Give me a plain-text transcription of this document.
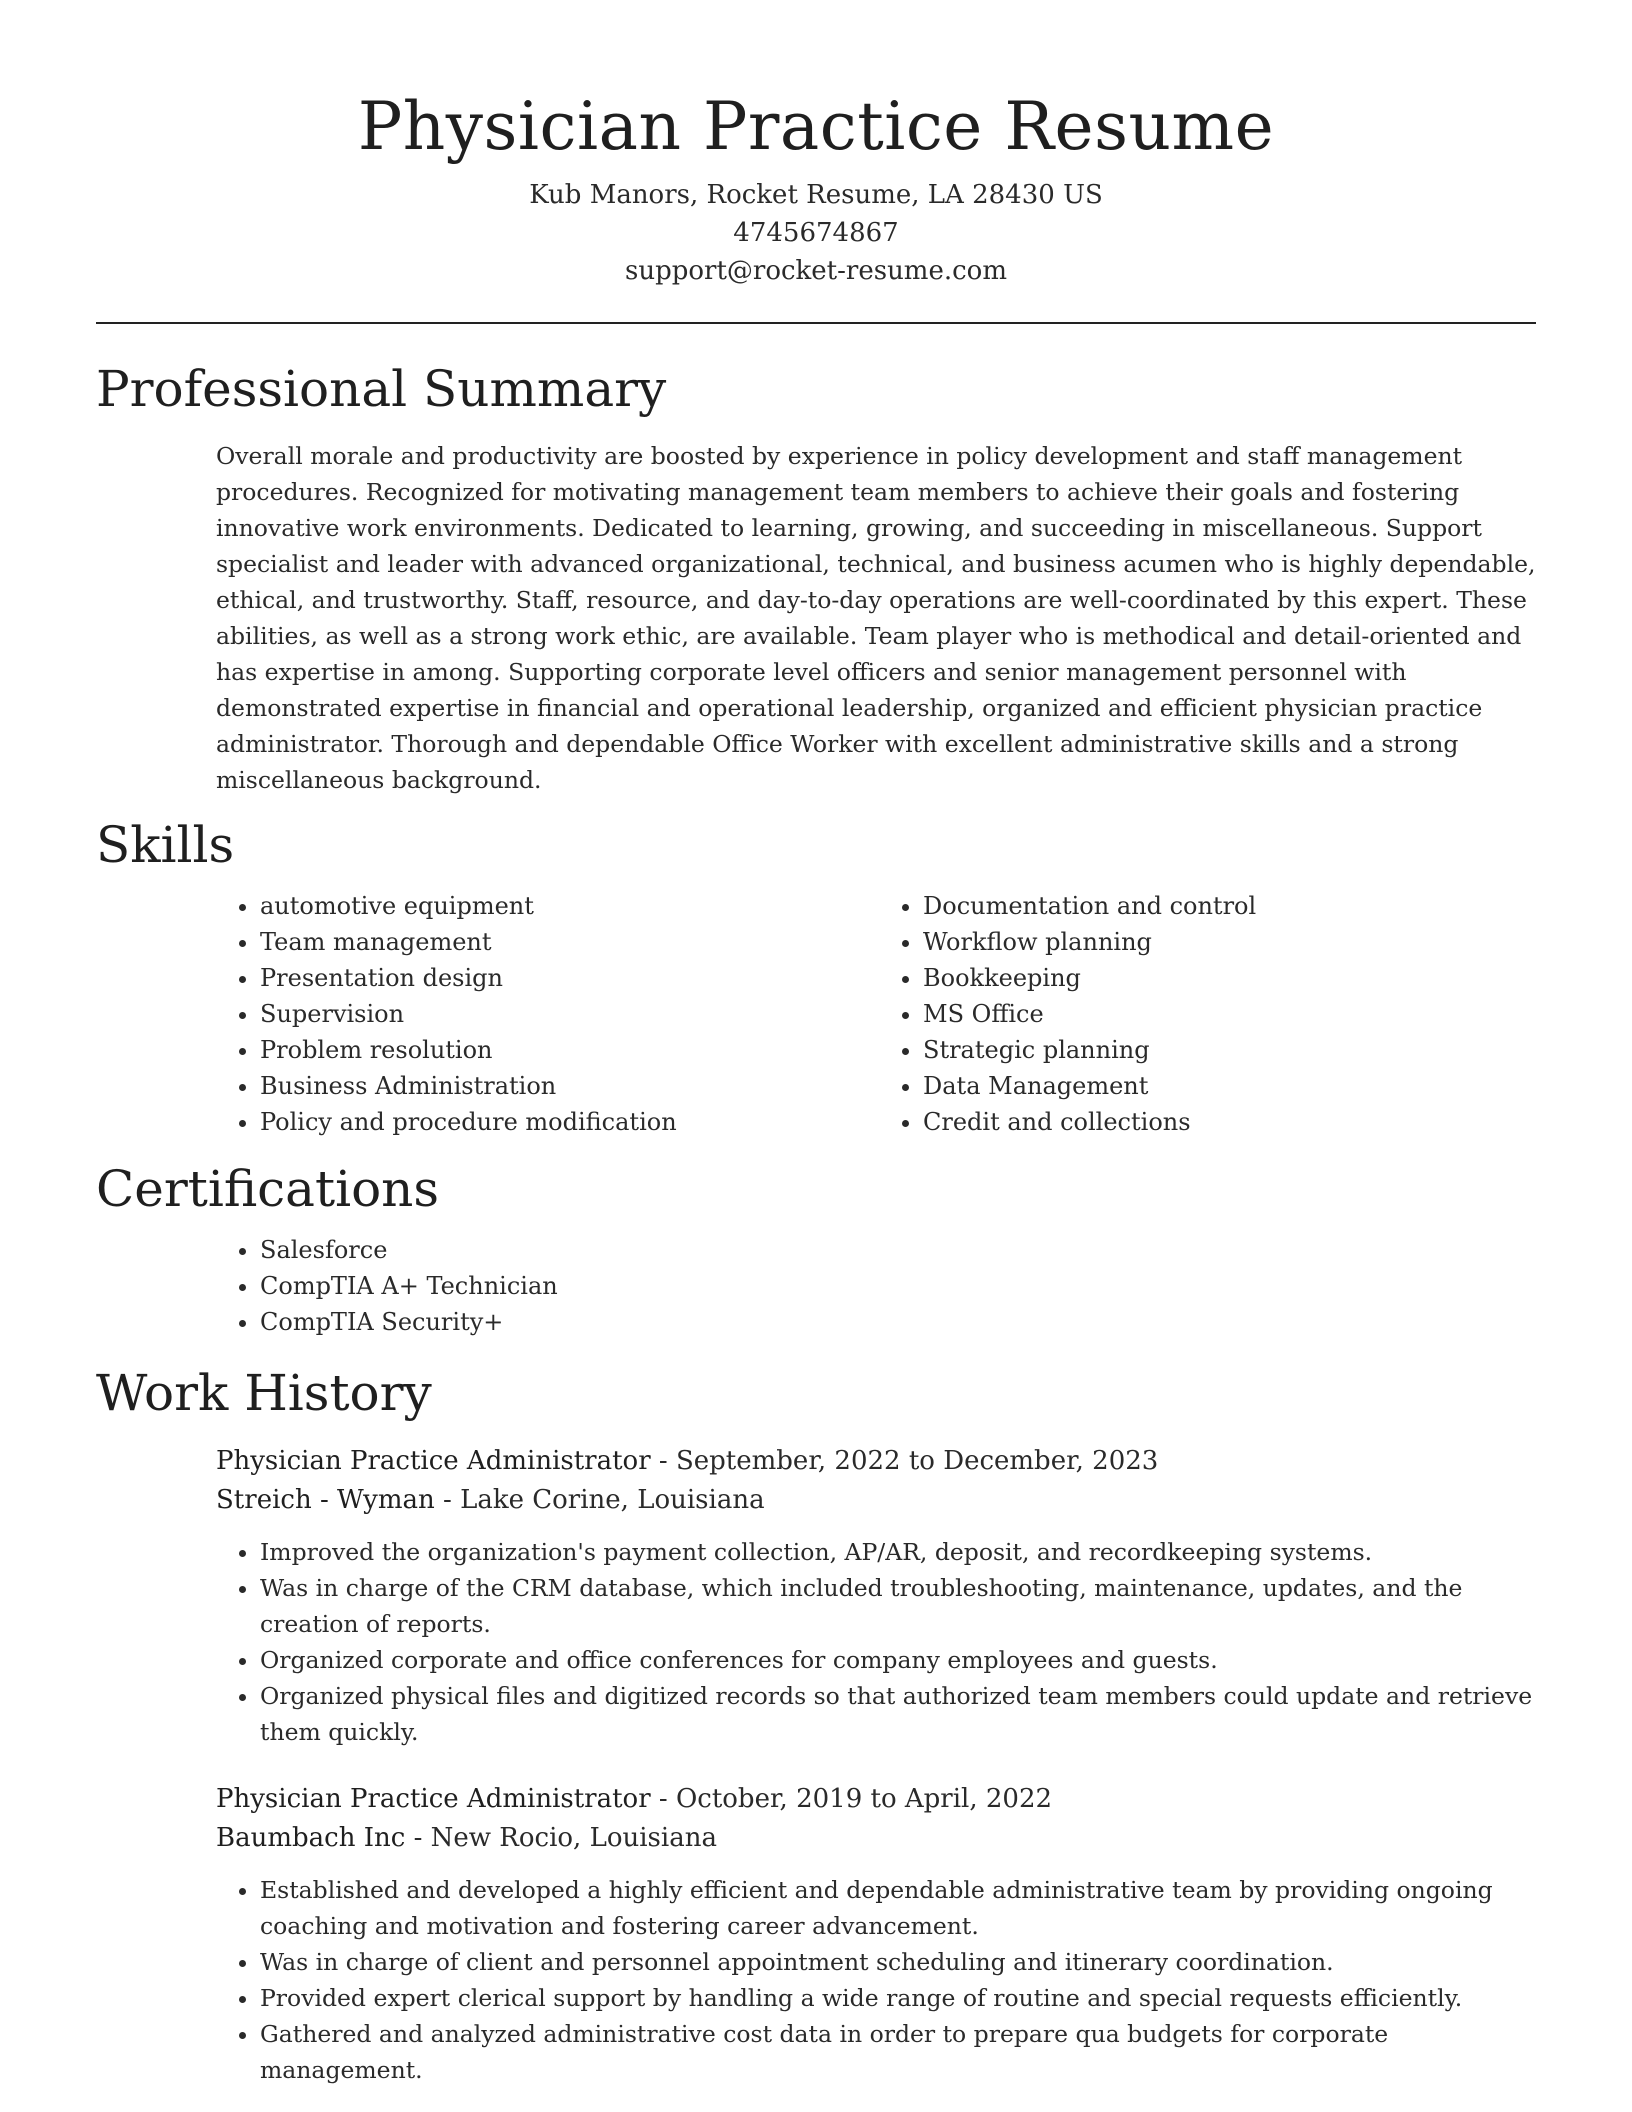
Physician Practice Resume

Kub Manors, Rocket Resume, LA 28430 US

4745674867

support@rocket-resume.com

Professional Summary

Overall morale and productivity are boosted by experience in policy development and staff management procedures. Recognized for motivating management team members to achieve their goals and fostering innovative work environments. Dedicated to learning, growing, and succeeding in miscellaneous. Support specialist and leader with advanced organizational, technical, and business acumen who is highly dependable, ethical, and trustworthy. Staff, resource, and day-to-day operations are well-coordinated by this expert. These abilities, as well as a strong work ethic, are available. Team player who is methodical and detail-oriented and has expertise in among. Supporting corporate level officers and senior management personnel with demonstrated expertise in financial and operational leadership, organized and efficient physician practice administrator. Thorough and dependable Office Worker with excellent administrative skills and a strong miscellaneous background.

Skills
• automotive equipment
• Team management
• Presentation design
• Supervision
• Problem resolution
• Business Administration
• Policy and procedure modification
• Documentation and control
• Workflow planning
• Bookkeeping
• MS Office
• Strategic planning
• Data Management
• Credit and collections
Certifications
• Salesforce
• CompTIA A+ Technician
• CompTIA Security+
Work History
Physician Practice Administrator - September, 2022 to December, 2023
Streich - Wyman - Lake Corine, Louisiana
• Improved the organization's payment collection, AP/AR, deposit, and recordkeeping systems.
• Was in charge of the CRM database, which included troubleshooting, maintenance, updates, and the creation of reports.
• Organized corporate and office conferences for company employees and guests.
• Organized physical files and digitized records so that authorized team members could update and retrieve them quickly.
Physician Practice Administrator - October, 2019 to April, 2022
Baumbach Inc - New Rocio, Louisiana
• Established and developed a highly efficient and dependable administrative team by providing ongoing coaching and motivation and fostering career advancement.
• Was in charge of client and personnel appointment scheduling and itinerary coordination.
• Provided expert clerical support by handling a wide range of routine and special requests efficiently.
• Gathered and analyzed administrative cost data in order to prepare qua budgets for corporate management.
